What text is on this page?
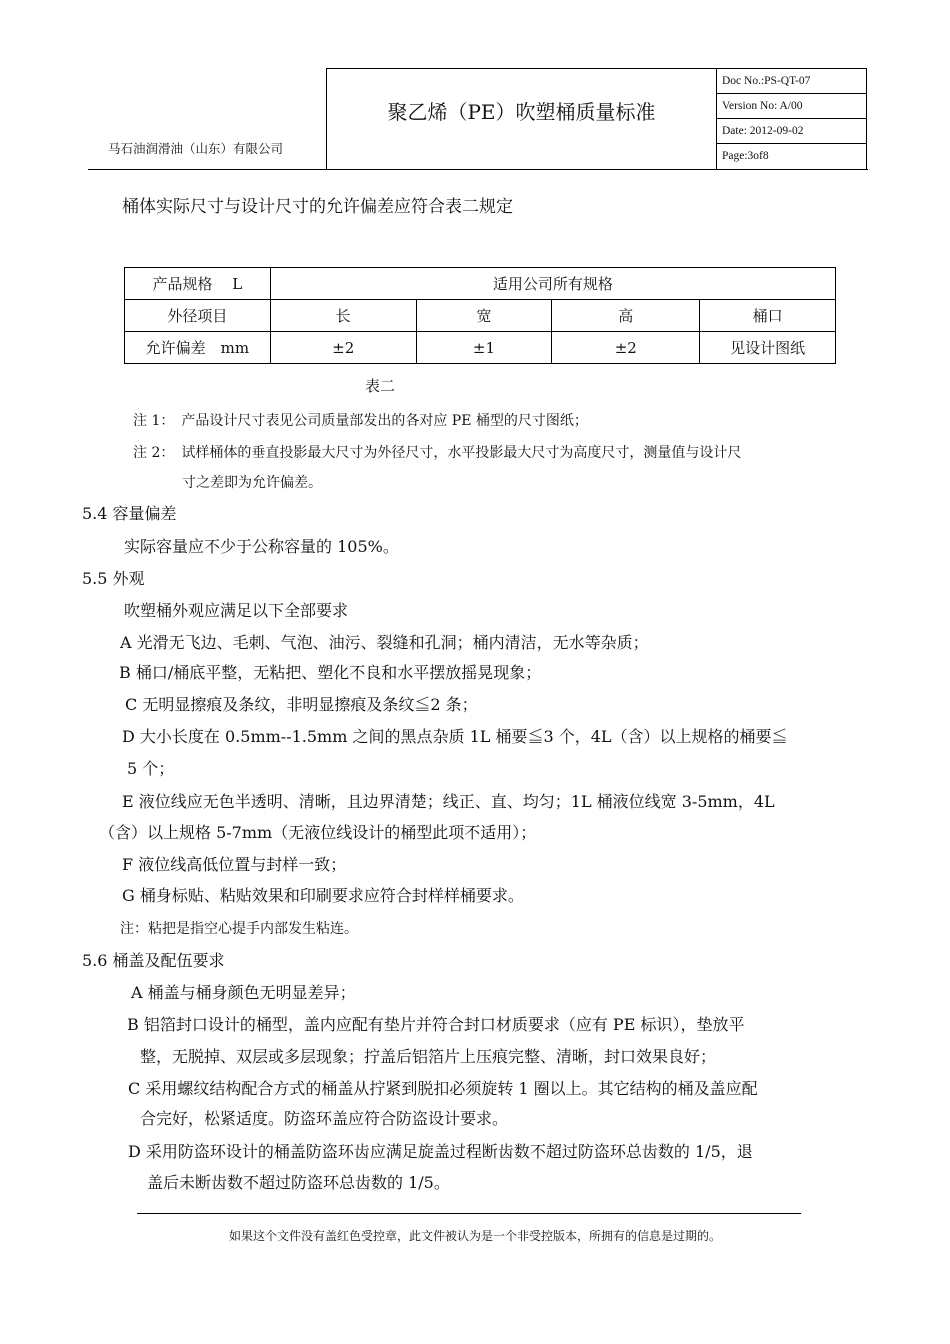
马石油润滑油（山东）有限公司
聚乙烯（PE）吹塑桶质量标准
Doc No.:PS-QT-07
Version No: A/00
Date: 2012-09-02
Page:3of8
桶体实际尺寸与设计尺寸的允许偏差应符合表二规定
产品规格　 L	适用公司所有规格			
外径项目	长	宽	高	桶口
允许偏差　mm	±2	±1	±2	见设计图纸
表二
注 1：　产品设计尺寸表见公司质量部发出的各对应 PE 桶型的尺寸图纸；
注 2：　试样桶体的垂直投影最大尺寸为外径尺寸，水平投影最大尺寸为高度尺寸，测量值与设计尺
寸之差即为允许偏差。
5.4 容量偏差
实际容量应不少于公称容量的 105%。
5.5 外观
吹塑桶外观应满足以下全部要求
A 光滑无飞边、毛刺、气泡、油污、裂缝和孔洞；桶内清洁，无水等杂质；
B 桶口/桶底平整，无粘把、塑化不良和水平摆放摇晃现象；
C 无明显擦痕及条纹，非明显擦痕及条纹≦2 条；
D 大小长度在 0.5mm--1.5mm 之间的黑点杂质 1L 桶要≦3 个，4L（含）以上规格的桶要≦
5 个；
E 液位线应无色半透明、清晰，且边界清楚；线正、直、均匀；1L 桶液位线宽 3-5mm，4L
（含）以上规格 5-7mm（无液位线设计的桶型此项不适用）；
F 液位线高低位置与封样一致；
G 桶身标贴、粘贴效果和印刷要求应符合封样样桶要求。
注：粘把是指空心提手内部发生粘连。
5.6 桶盖及配伍要求
A 桶盖与桶身颜色无明显差异；
B 铝箔封口设计的桶型，盖内应配有垫片并符合封口材质要求（应有 PE 标识），垫放平
整，无脱掉、双层或多层现象；拧盖后铝箔片上压痕完整、清晰，封口效果良好；
C 采用螺纹结构配合方式的桶盖从拧紧到脱扣必须旋转 1 圈以上。其它结构的桶及盖应配
合完好，松紧适度。防盗环盖应符合防盗设计要求。
D 采用防盗环设计的桶盖防盗环齿应满足旋盖过程断齿数不超过防盗环总齿数的 1/5，退
盖后未断齿数不超过防盗环总齿数的 1/5。
如果这个文件没有盖红色受控章，此文件被认为是一个非受控版本，所拥有的信息是过期的。
